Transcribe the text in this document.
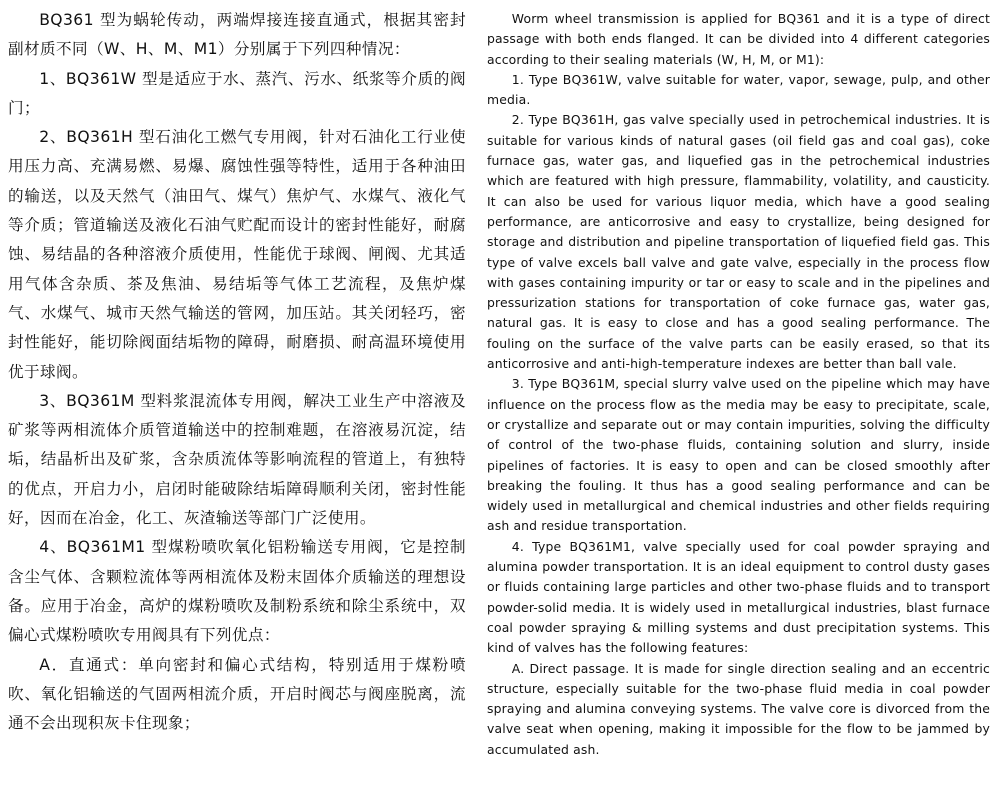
BQ361 型为蜗轮传动，两端焊接连接直通式，根据其密封副材质不同（W、H、M、M1）分别属于下列四种情况：

1、BQ361W 型是适应于水、蒸汽、污水、纸浆等介质的阀门；

2、BQ361H 型石油化工燃气专用阀，针对石油化工行业使用压力高、充满易燃、易爆、腐蚀性强等特性，适用于各种油田的输送，以及天然气（油田气、煤气）焦炉气、水煤气、液化气等介质；管道输送及液化石油气贮配而设计的密封性能好，耐腐蚀、易结晶的各种溶液介质使用，性能优于球阀、闸阀、尤其适用气体含杂质、茶及焦油、易结垢等气体工艺流程，及焦炉煤气、水煤气、城市天然气输送的管网，加压站。其关闭轻巧，密封性能好，能切除阀面结垢物的障碍，耐磨损、耐高温环境使用优于球阀。

3、BQ361M 型料浆混流体专用阀，解决工业生产中溶液及矿浆等两相流体介质管道输送中的控制难题，在溶液易沉淀，结垢，结晶析出及矿浆，含杂质流体等影响流程的管道上，有独特的优点，开启力小，启闭时能破除结垢障碍顺利关闭，密封性能好，因而在冶金，化工、灰渣输送等部门广泛使用。

4、BQ361M1 型煤粉喷吹氧化铝粉输送专用阀，它是控制含尘气体、含颗粒流体等两相流体及粉末固体介质输送的理想设备。应用于冶金，高炉的煤粉喷吹及制粉系统和除尘系统中，双偏心式煤粉喷吹专用阀具有下列优点：

A．直通式：单向密封和偏心式结构，特别适用于煤粉喷吹、氧化铝输送的气固两相流介质，开启时阀芯与阀座脱离，流通不会出现积灰卡住现象；

Worm wheel transmission is applied for BQ361 and it is a type of direct passage with both ends flanged. It can be divided into 4 different categories according to their sealing materials (W, H, M, or M1):

1. Type BQ361W, valve suitable for water, vapor, sewage, pulp, and other media.

2. Type BQ361H, gas valve specially used in petrochemical industries. It is suitable for various kinds of natural gases (oil field gas and coal gas), coke furnace gas, water gas, and liquefied gas in the petrochemical industries which are featured with high pressure, flammability, volatility, and causticity. It can also be used for various liquor media, which have a good sealing performance, are anticorrosive and easy to crystallize, being designed for storage and distribution and pipeline transportation of liquefied field gas. This type of valve excels ball valve and gate valve, especially in the process flow with gases containing impurity or tar or easy to scale and in the pipelines and pressurization stations for transportation of coke furnace gas, water gas, natural gas. It is easy to close and has a good sealing performance. The fouling on the surface of the valve parts can be easily erased, so that its anticorrosive and anti-high-temperature indexes are better than ball vale.

3. Type BQ361M, special slurry valve used on the pipeline which may have influence on the process flow as the media may be easy to precipitate, scale, or crystallize and separate out or may contain impurities, solving the difficulty of control of the two-phase fluids, containing solution and slurry, inside pipelines of factories. It is easy to open and can be closed smoothly after breaking the fouling. It thus has a good sealing performance and can be widely used in metallurgical and chemical industries and other fields requiring ash and residue transportation.

4. Type BQ361M1, valve specially used for coal powder spraying and alumina powder transportation. It is an ideal equipment to control dusty gases or fluids containing large particles and other two-phase fluids and to transport powder-solid media. It is widely used in metallurgical industries, blast furnace coal powder spraying & milling systems and dust precipitation systems. This kind of valves has the following features:

A. Direct passage. It is made for single direction sealing and an eccentric structure, especially suitable for the two-phase fluid media in coal powder spraying and alumina conveying systems. The valve core is divorced from the valve seat when opening, making it impossible for the flow to be jammed by accumulated ash.
